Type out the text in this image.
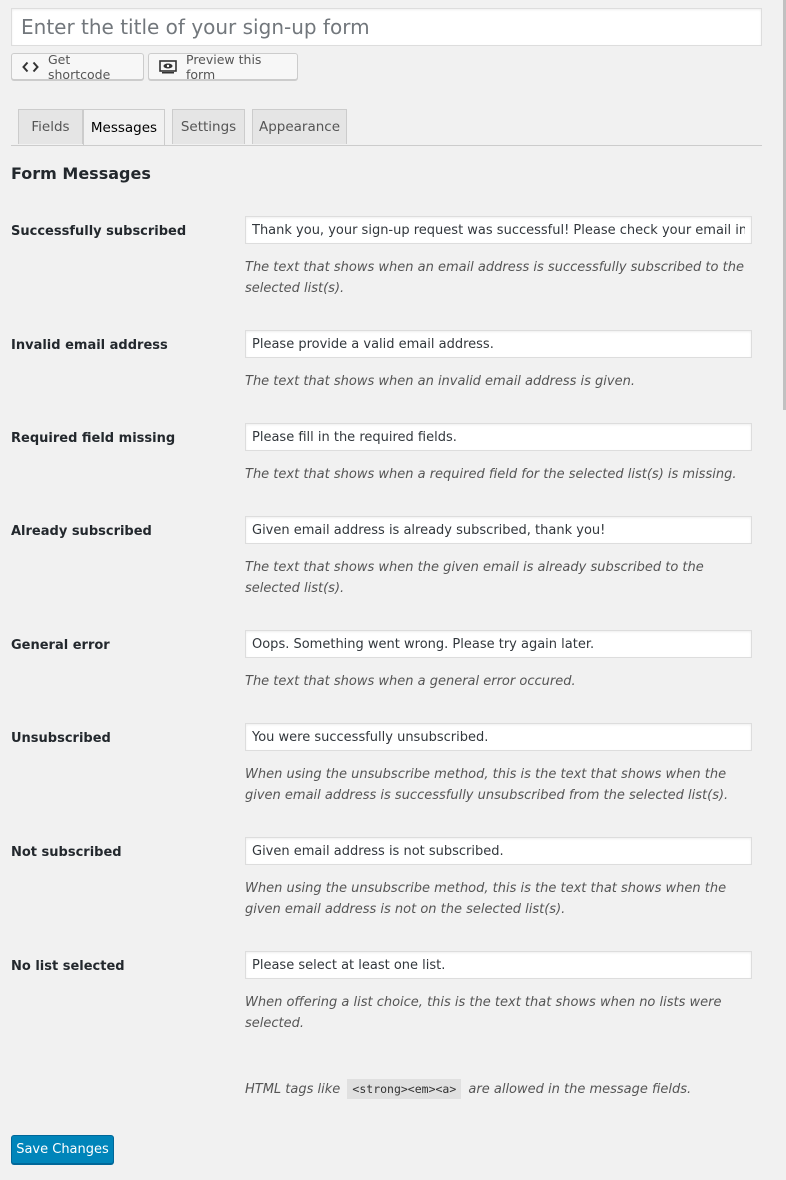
Enter the title of your sign-up form
Get shortcode
Preview this form
Fields	Messages	Settings	Appearance
Form Messages
Successfully subscribed
Thank you, your sign-up request was successful! Please check your email inbox to confirm.
The text that shows when an email address is successfully subscribed to the selected list(s).
Invalid email address
Please provide a valid email address.
The text that shows when an invalid email address is given.
Required field missing
Please fill in the required fields.
The text that shows when a required field for the selected list(s) is missing.
Already subscribed
Given email address is already subscribed, thank you!
The text that shows when the given email is already subscribed to the selected list(s).
General error
Oops. Something went wrong. Please try again later.
The text that shows when a general error occured.
Unsubscribed
You were successfully unsubscribed.
When using the unsubscribe method, this is the text that shows when the given email address is successfully unsubscribed from the selected list(s).
Not subscribed
Given email address is not subscribed.
When using the unsubscribe method, this is the text that shows when the given email address is not on the selected list(s).
No list selected
Please select at least one list.
When offering a list choice, this is the text that shows when no lists were selected.
HTML tags like <strong><em><a> are allowed in the message fields.
Save Changes
